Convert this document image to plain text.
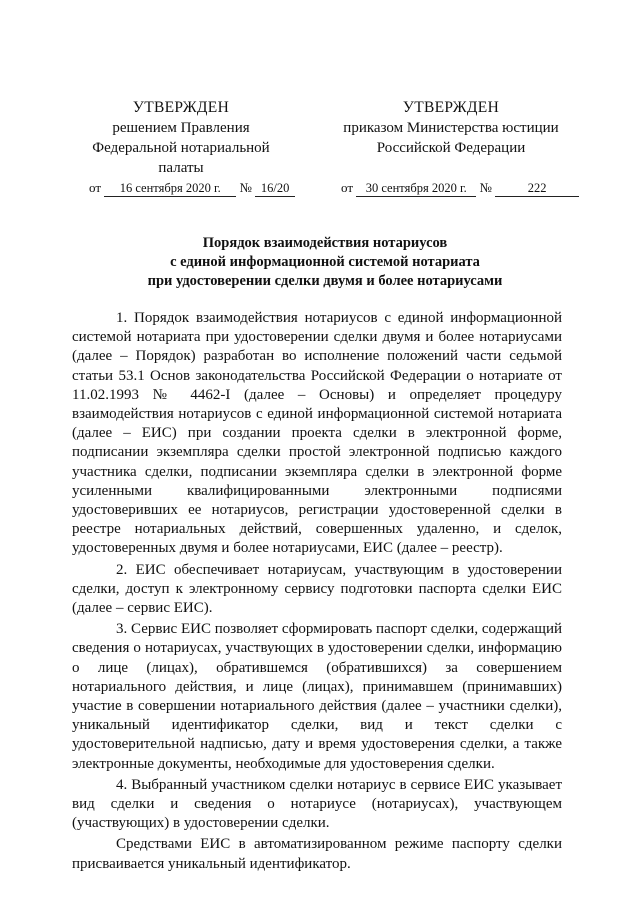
УТВЕРЖДЕН
решением Правления
Федеральной нотариальной
палаты
УТВЕРЖДЕН
приказом Министерства юстиции
Российской Федерации
от 16 сентября 2020 г. № 16/20	от 30 сентября 2020 г. №	222
Порядок взаимодействия нотариусов
с единой информационной системой нотариата
при удостоверении сделки двумя и более нотариусами

1. Порядок взаимодействия нотариусов с единой информационной системой нотариата при удостоверении сделки двумя и более нотариусами (далее – Порядок) разработан во исполнение положений части седьмой статьи 53.1 Основ законодательства Российской Федерации о нотариате от 11.02.1993 № 4462-I (далее – Основы) и определяет процедуру взаимодействия нотариусов с единой информационной системой нотариата (далее – ЕИС) при создании проекта сделки в электронной форме, подписании экземпляра сделки простой электронной подписью каждого участника сделки, подписании экземпляра сделки в электронной форме усиленными квалифицированными электронными подписями удостоверивших ее нотариусов, регистрации удостоверенной сделки в реестре нотариальных действий, совершенных удаленно, и сделок, удостоверенных двумя и более нотариусами, ЕИС (далее – реестр).

2. ЕИС обеспечивает нотариусам, участвующим в удостоверении сделки, доступ к электронному сервису подготовки паспорта сделки ЕИС (далее – сервис ЕИС).

3. Сервис ЕИС позволяет сформировать паспорт сделки, содержащий сведения о нотариусах, участвующих в удостоверении сделки, информацию о лице (лицах), обратившемся (обратившихся) за совершением нотариального действия, и лице (лицах), принимавшем (принимавших) участие в совершении нотариального действия (далее – участники сделки), уникальный идентификатор сделки, вид и текст сделки с удостоверительной надписью, дату и время удостоверения сделки, а также электронные документы, необходимые для удостоверения сделки.

4. Выбранный участником сделки нотариус в сервисе ЕИС указывает вид сделки и сведения о нотариусе (нотариусах), участвующем (участвующих) в удостоверении сделки.

Средствами ЕИС в автоматизированном режиме паспорту сделки присваивается уникальный идентификатор.
